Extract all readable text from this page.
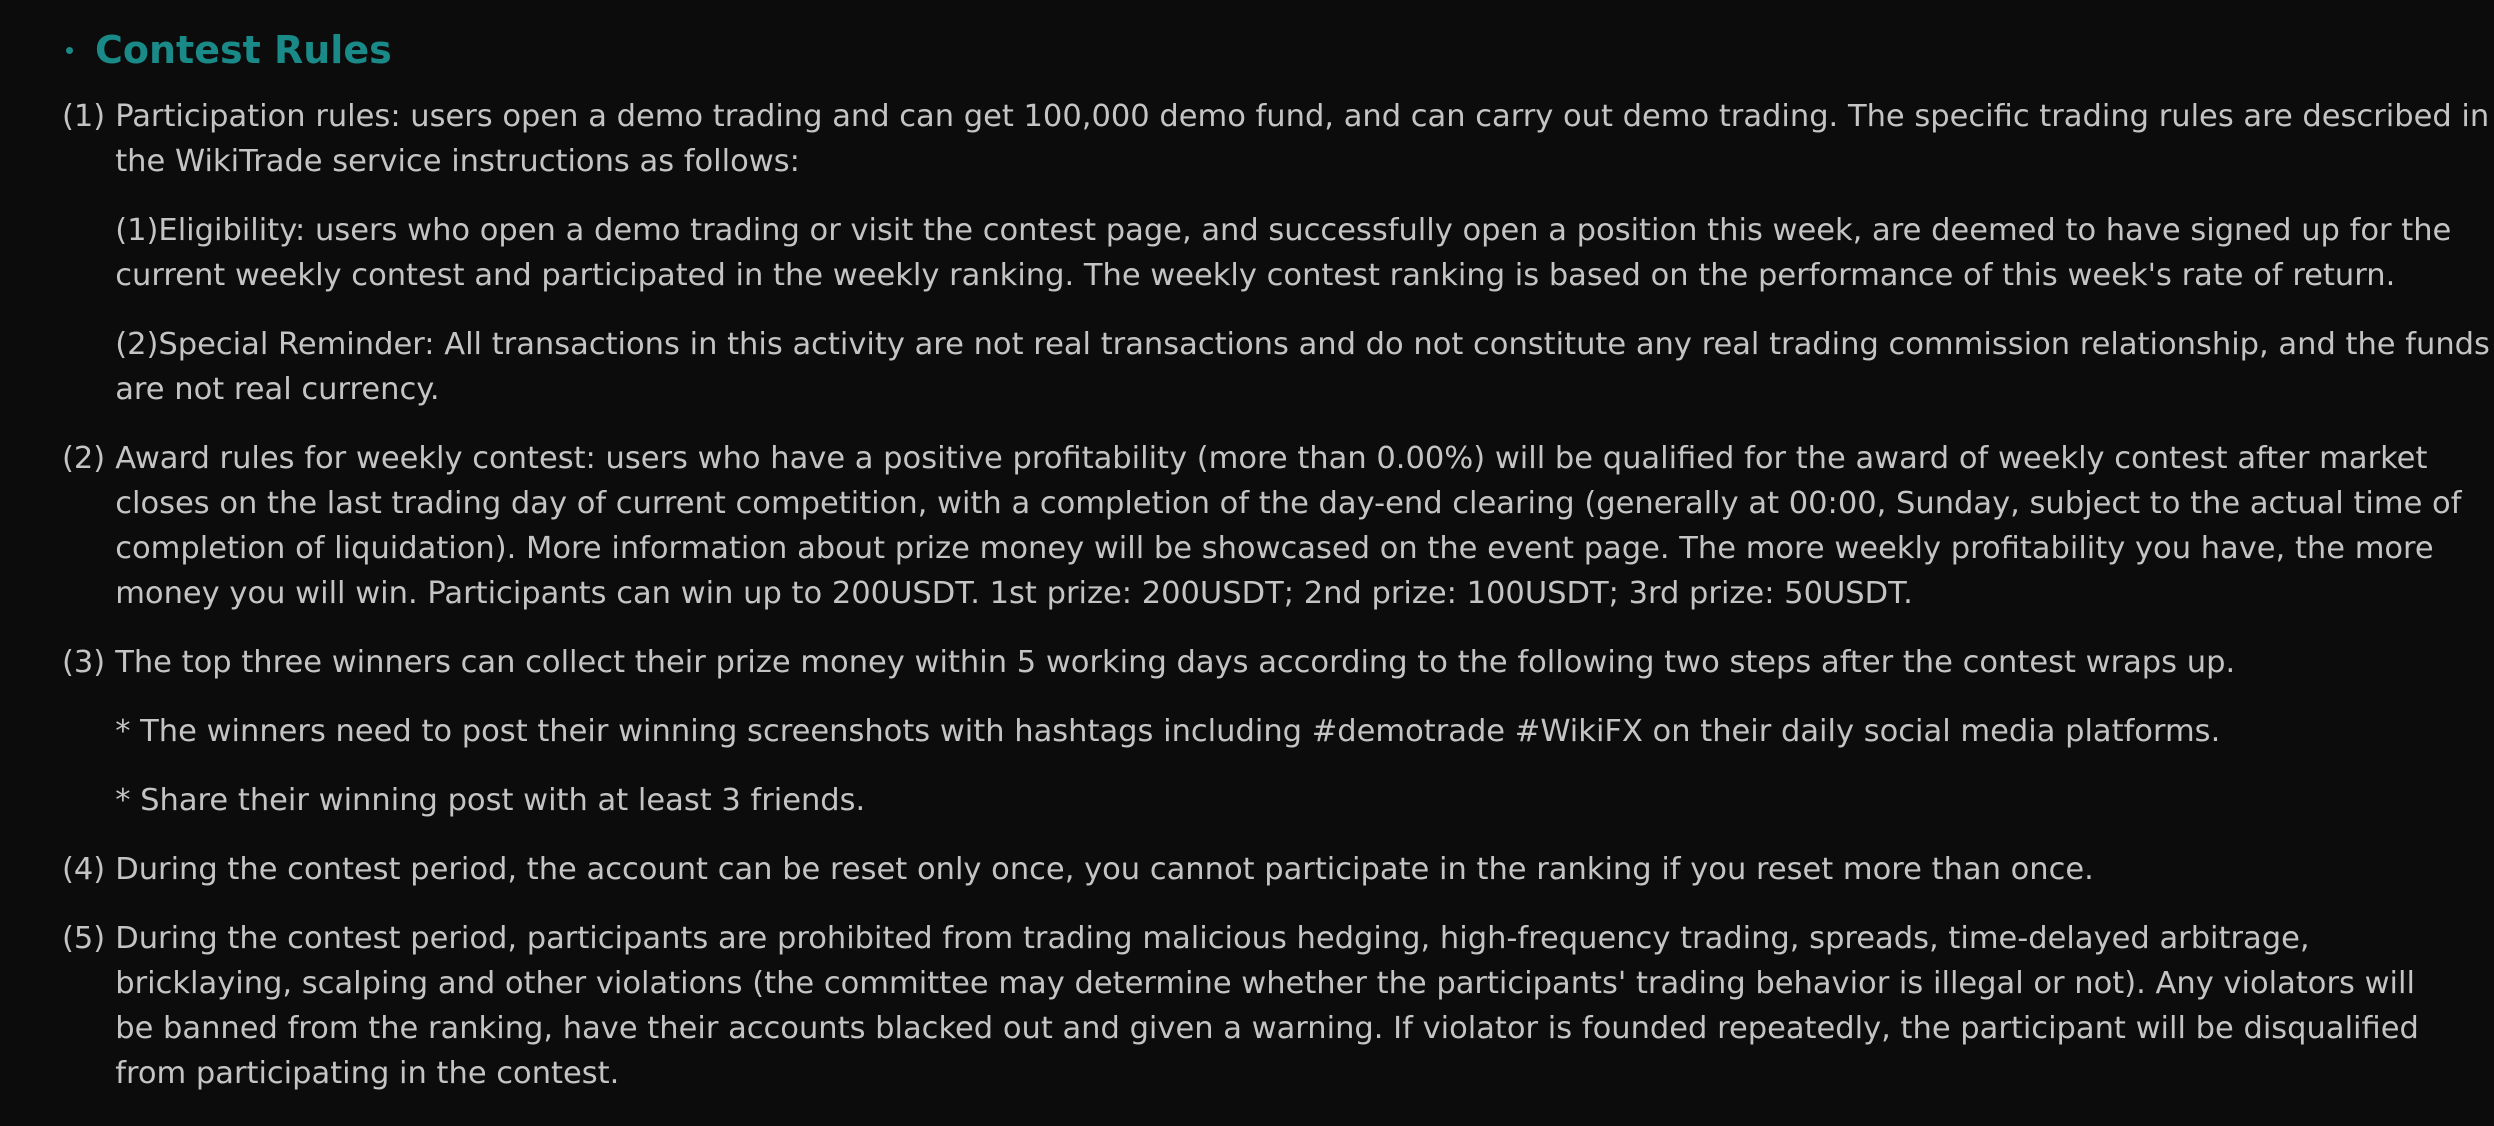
Contest Rules
(1) Participation rules: users open a demo trading and can get 100,000 demo fund, and can carry out demo trading. The specific trading rules are described in the WikiTrade service instructions as follows:
(1)Eligibility: users who open a demo trading or visit the contest page, and successfully open a position this week, are deemed to have signed up for the current weekly contest and participated in the weekly ranking. The weekly contest ranking is based on the performance of this week's rate of return.
(2)Special Reminder: All transactions in this activity are not real transactions and do not constitute any real trading commission relationship, and the funds are not real currency.
(2) Award rules for weekly contest: users who have a positive profitability (more than 0.00%) will be qualified for the award of weekly contest after market closes on the last trading day of current competition, with a completion of the day-end clearing (generally at 00:00, Sunday, subject to the actual time of completion of liquidation). More information about prize money will be showcased on the event page. The more weekly profitability you have, the more money you will win. Participants can win up to 200USDT. 1st prize: 200USDT; 2nd prize: 100USDT; 3rd prize: 50USDT.
(3) The top three winners can collect their prize money within 5 working days according to the following two steps after the contest wraps up.
* The winners need to post their winning screenshots with hashtags including #demotrade #WikiFX on their daily social media platforms.
* Share their winning post with at least 3 friends.
(4) During the contest period, the account can be reset only once, you cannot participate in the ranking if you reset more than once.
(5) During the contest period, participants are prohibited from trading malicious hedging, high-frequency trading, spreads, time-delayed arbitrage, bricklaying, scalping and other violations (the committee may determine whether the participants' trading behavior is illegal or not). Any violators will be banned from the ranking, have their accounts blacked out and given a warning. If violator is founded repeatedly, the participant will be disqualified from participating in the contest.
